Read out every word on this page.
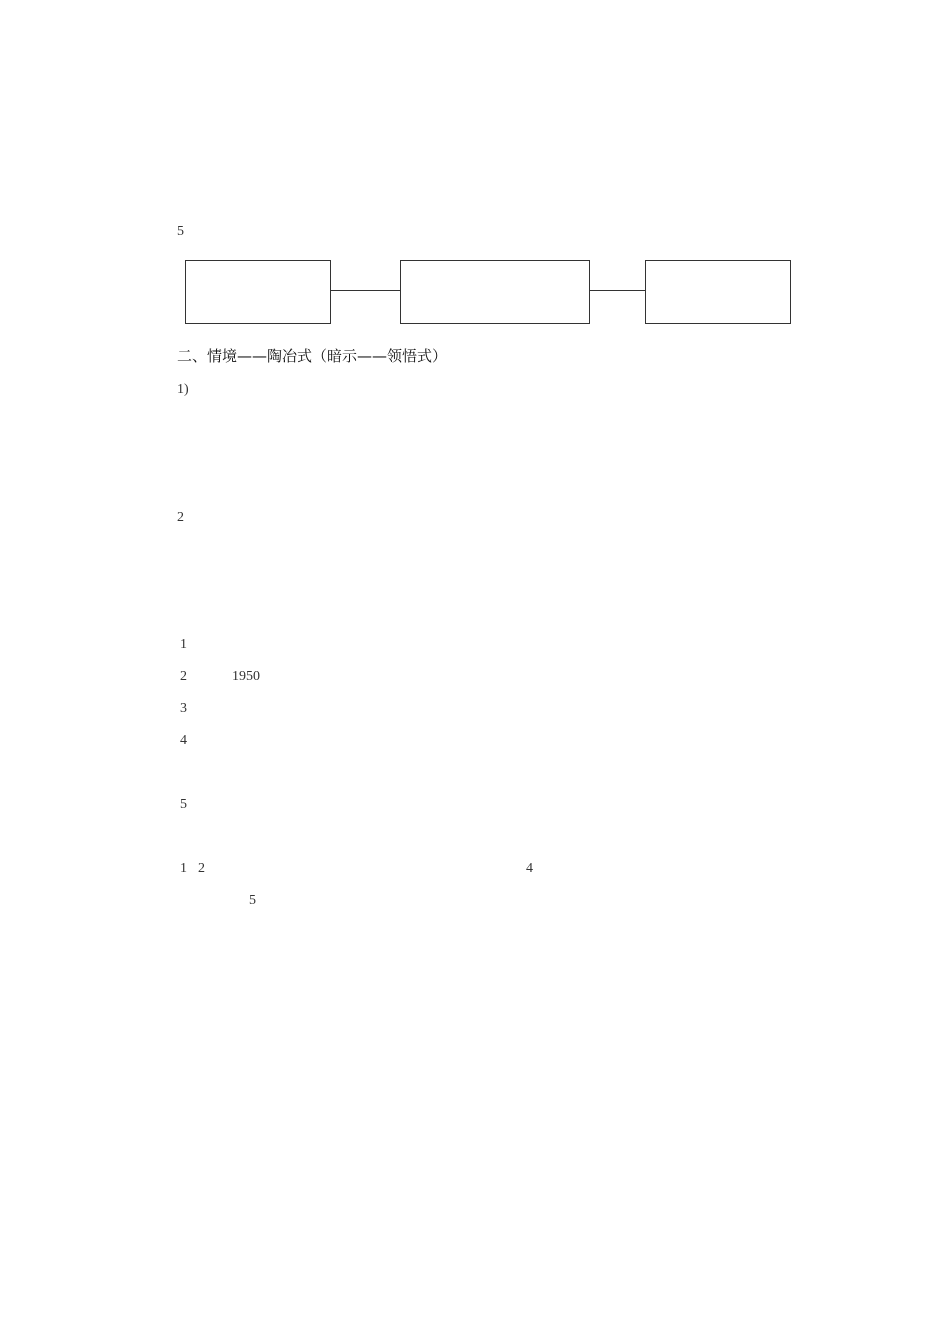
5
二、情境——陶冶式（暗示——领悟式）
1)
2
1
2	1950
3
4
5
1 2	4
5
